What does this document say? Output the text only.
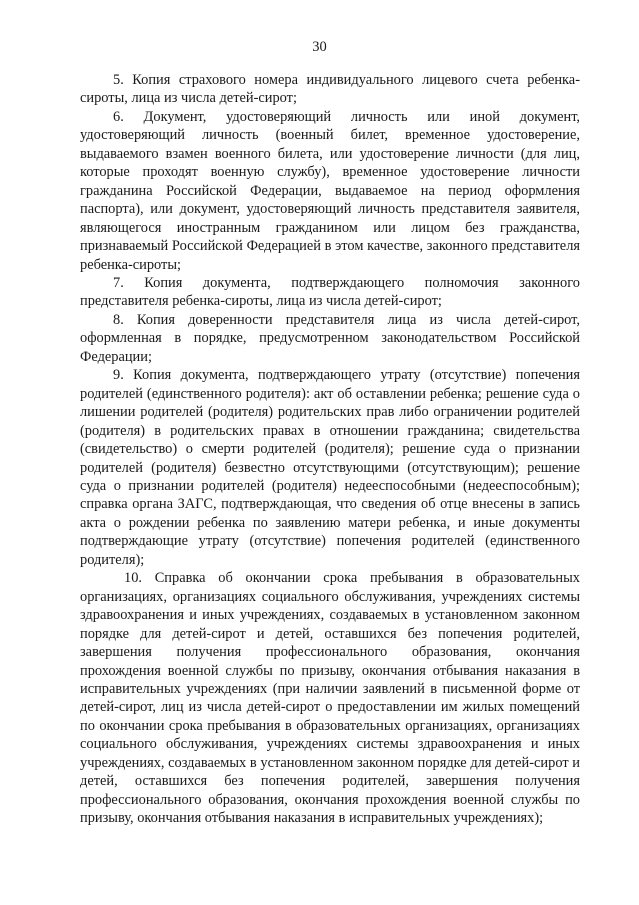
30

5. Копия страхового номера индивидуального лицевого счета ребенка-сироты, лица из числа детей-сирот;

6. Документ, удостоверяющий личность или иной документ, удостоверяющий личность (военный билет, временное удостоверение, выдаваемого взамен военного билета, или удостоверение личности (для лиц, которые проходят военную службу), временное удостоверение личности гражданина Российской Федерации, выдаваемое на период оформления паспорта), или документ, удостоверяющий личность представителя заявителя, являющегося иностранным гражданином или лицом без гражданства, признаваемый Российской Федерацией в этом качестве, законного представителя ребенка-сироты;

7. Копия документа, подтверждающего полномочия законного представителя ребенка-сироты, лица из числа детей-сирот;

8. Копия доверенности представителя лица из числа детей-сирот, оформленная в порядке, предусмотренном законодательством Российской Федерации;

9. Копия документа, подтверждающего утрату (отсутствие) попечения родителей (единственного родителя): акт об оставлении ребенка; решение суда о лишении родителей (родителя) родительских прав либо ограничении родителей (родителя) в родительских правах в отношении гражданина; свидетельства (свидетельство) о смерти родителей (родителя); решение суда о признании родителей (родителя) безвестно отсутствующими (отсутствующим); решение суда о признании родителей (родителя) недееспособными (недееспособным); справка органа ЗАГС, подтверждающая, что сведения об отце внесены в запись акта о рождении ребенка по заявлению матери ребенка, и иные документы подтверждающие утрату (отсутствие) попечения родителей (единственного родителя);

10. Справка об окончании срока пребывания в образовательных организациях, организациях социального обслуживания, учреждениях системы здравоохранения и иных учреждениях, создаваемых в установленном законном порядке для детей-сирот и детей, оставшихся без попечения родителей, завершения получения профессионального образования, окончания прохождения военной службы по призыву, окончания отбывания наказания в исправительных учреждениях (при наличии заявлений в письменной форме от детей-сирот, лиц из числа детей-сирот о предоставлении им жилых помещений по окончании срока пребывания в образовательных организациях, организациях социального обслуживания, учреждениях системы здравоохранения и иных учреждениях, создаваемых в установленном законном порядке для детей-сирот и детей, оставшихся без попечения родителей, завершения получения профессионального образования, окончания прохождения военной службы по призыву, окончания отбывания наказания в исправительных учреждениях);
